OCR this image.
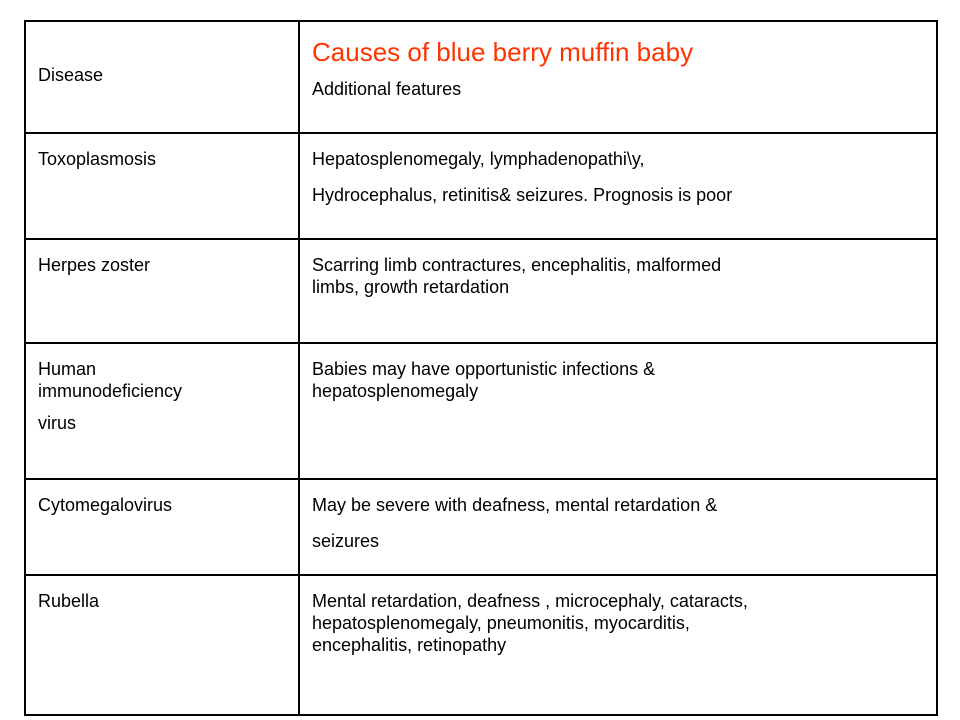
Disease	Causes of blue berry muffin baby
Additional features

Toxoplasmosis	Hepatosplenomegaly, lymphadenopathi\y,
Hydrocephalus, retinitis& seizures. Prognosis is poor

Herpes zoster	Scarring limb contractures, encephalitis, malformed
limbs, growth retardation

Human
immunodeficiency
virus	Babies may have opportunistic infections &
hepatosplenomegaly

Cytomegalovirus	May be severe with deafness, mental retardation &
seizures

Rubella	Mental retardation, deafness , microcephaly, cataracts,
hepatosplenomegaly, pneumonitis, myocarditis,
encephalitis, retinopathy
